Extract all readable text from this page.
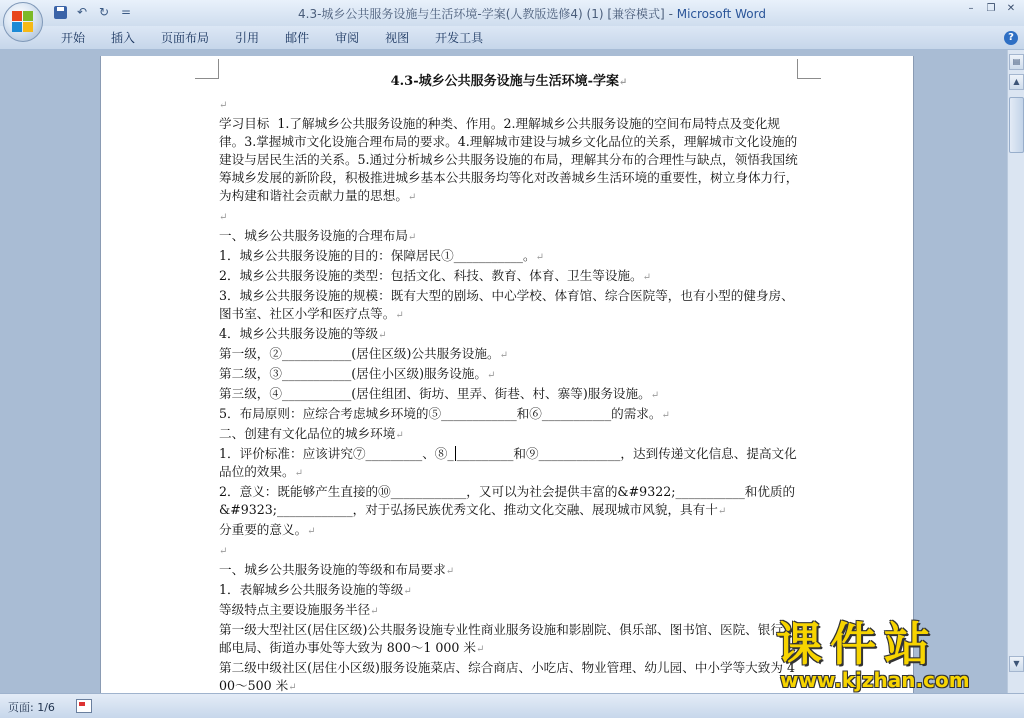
↶ ↻ =	4.3-城乡公共服务设施与生活环境-学案(人教版选修4) (1) [兼容模式] - Microsoft Word	–	❐	✕
开始	插入	页面布局	引用	邮件	审阅	视图	开发工具	?
4.3-城乡公共服务设施与生活环境-学案↵

↵

学习目标  1.了解城乡公共服务设施的种类、作用。2.理解城乡公共服务设施的空间布局特点及变化规律。3.掌握城市文化设施合理布局的要求。4.理解城市建设与城乡文化品位的关系，理解城市文化设施的建设与居民生活的关系。5.通过分析城乡公共服务设施的布局，理解其分布的合理性与缺点，领悟我国统筹城乡发展的新阶段，积极推进城乡基本公共服务均等化对改善城乡生活环境的重要性，树立身体力行，为构建和谐社会贡献力量的思想。↵

↵

一、城乡公共服务设施的合理布局↵

1．城乡公共服务设施的目的：保障居民①___________。↵

2．城乡公共服务设施的类型：包括文化、科技、教育、体育、卫生等设施。↵

3．城乡公共服务设施的规模：既有大型的剧场、中心学校、体育馆、综合医院等，也有小型的健身房、图书室、社区小学和医疗点等。↵

4．城乡公共服务设施的等级↵

第一级，②___________(居住区级)公共服务设施。↵

第二级，③___________(居住小区级)服务设施。↵

第三级，④___________(居住组团、街坊、里弄、街巷、村、寨等)服务设施。↵

5．布局原则：应综合考虑城乡环境的⑤____________和⑥___________的需求。↵

二、创建有文化品位的城乡环境↵

1．评价标准：应该讲究⑦_________、⑧_ _________和⑨_____________，达到传递文化信息、提高文化品位的效果。↵

2．意义：既能够产生直接的⑩____________，又可以为社会提供丰富的&#9322;___________和优质的&#9323;____________，对于弘扬民族优秀文化、推动文化交融、展现城市风貌，具有十↵

分重要的意义。↵

↵

一、城乡公共服务设施的等级和布局要求↵

1．表解城乡公共服务设施的等级↵

等级特点主要设施服务半径↵

第一级大型社区(居住区级)公共服务设施专业性商业服务设施和影剧院、俱乐部、图书馆、医院、银行、邮电局、街道办事处等大致为 800～1 000 米↵

第二级中级社区(居住小区级)服务设施菜店、综合商店、小吃店、物业管理、幼儿园、中小学等大致为 400～500 米↵

课件站
www.kjzhan.com
▤
▲
▼
页面: 1/6
